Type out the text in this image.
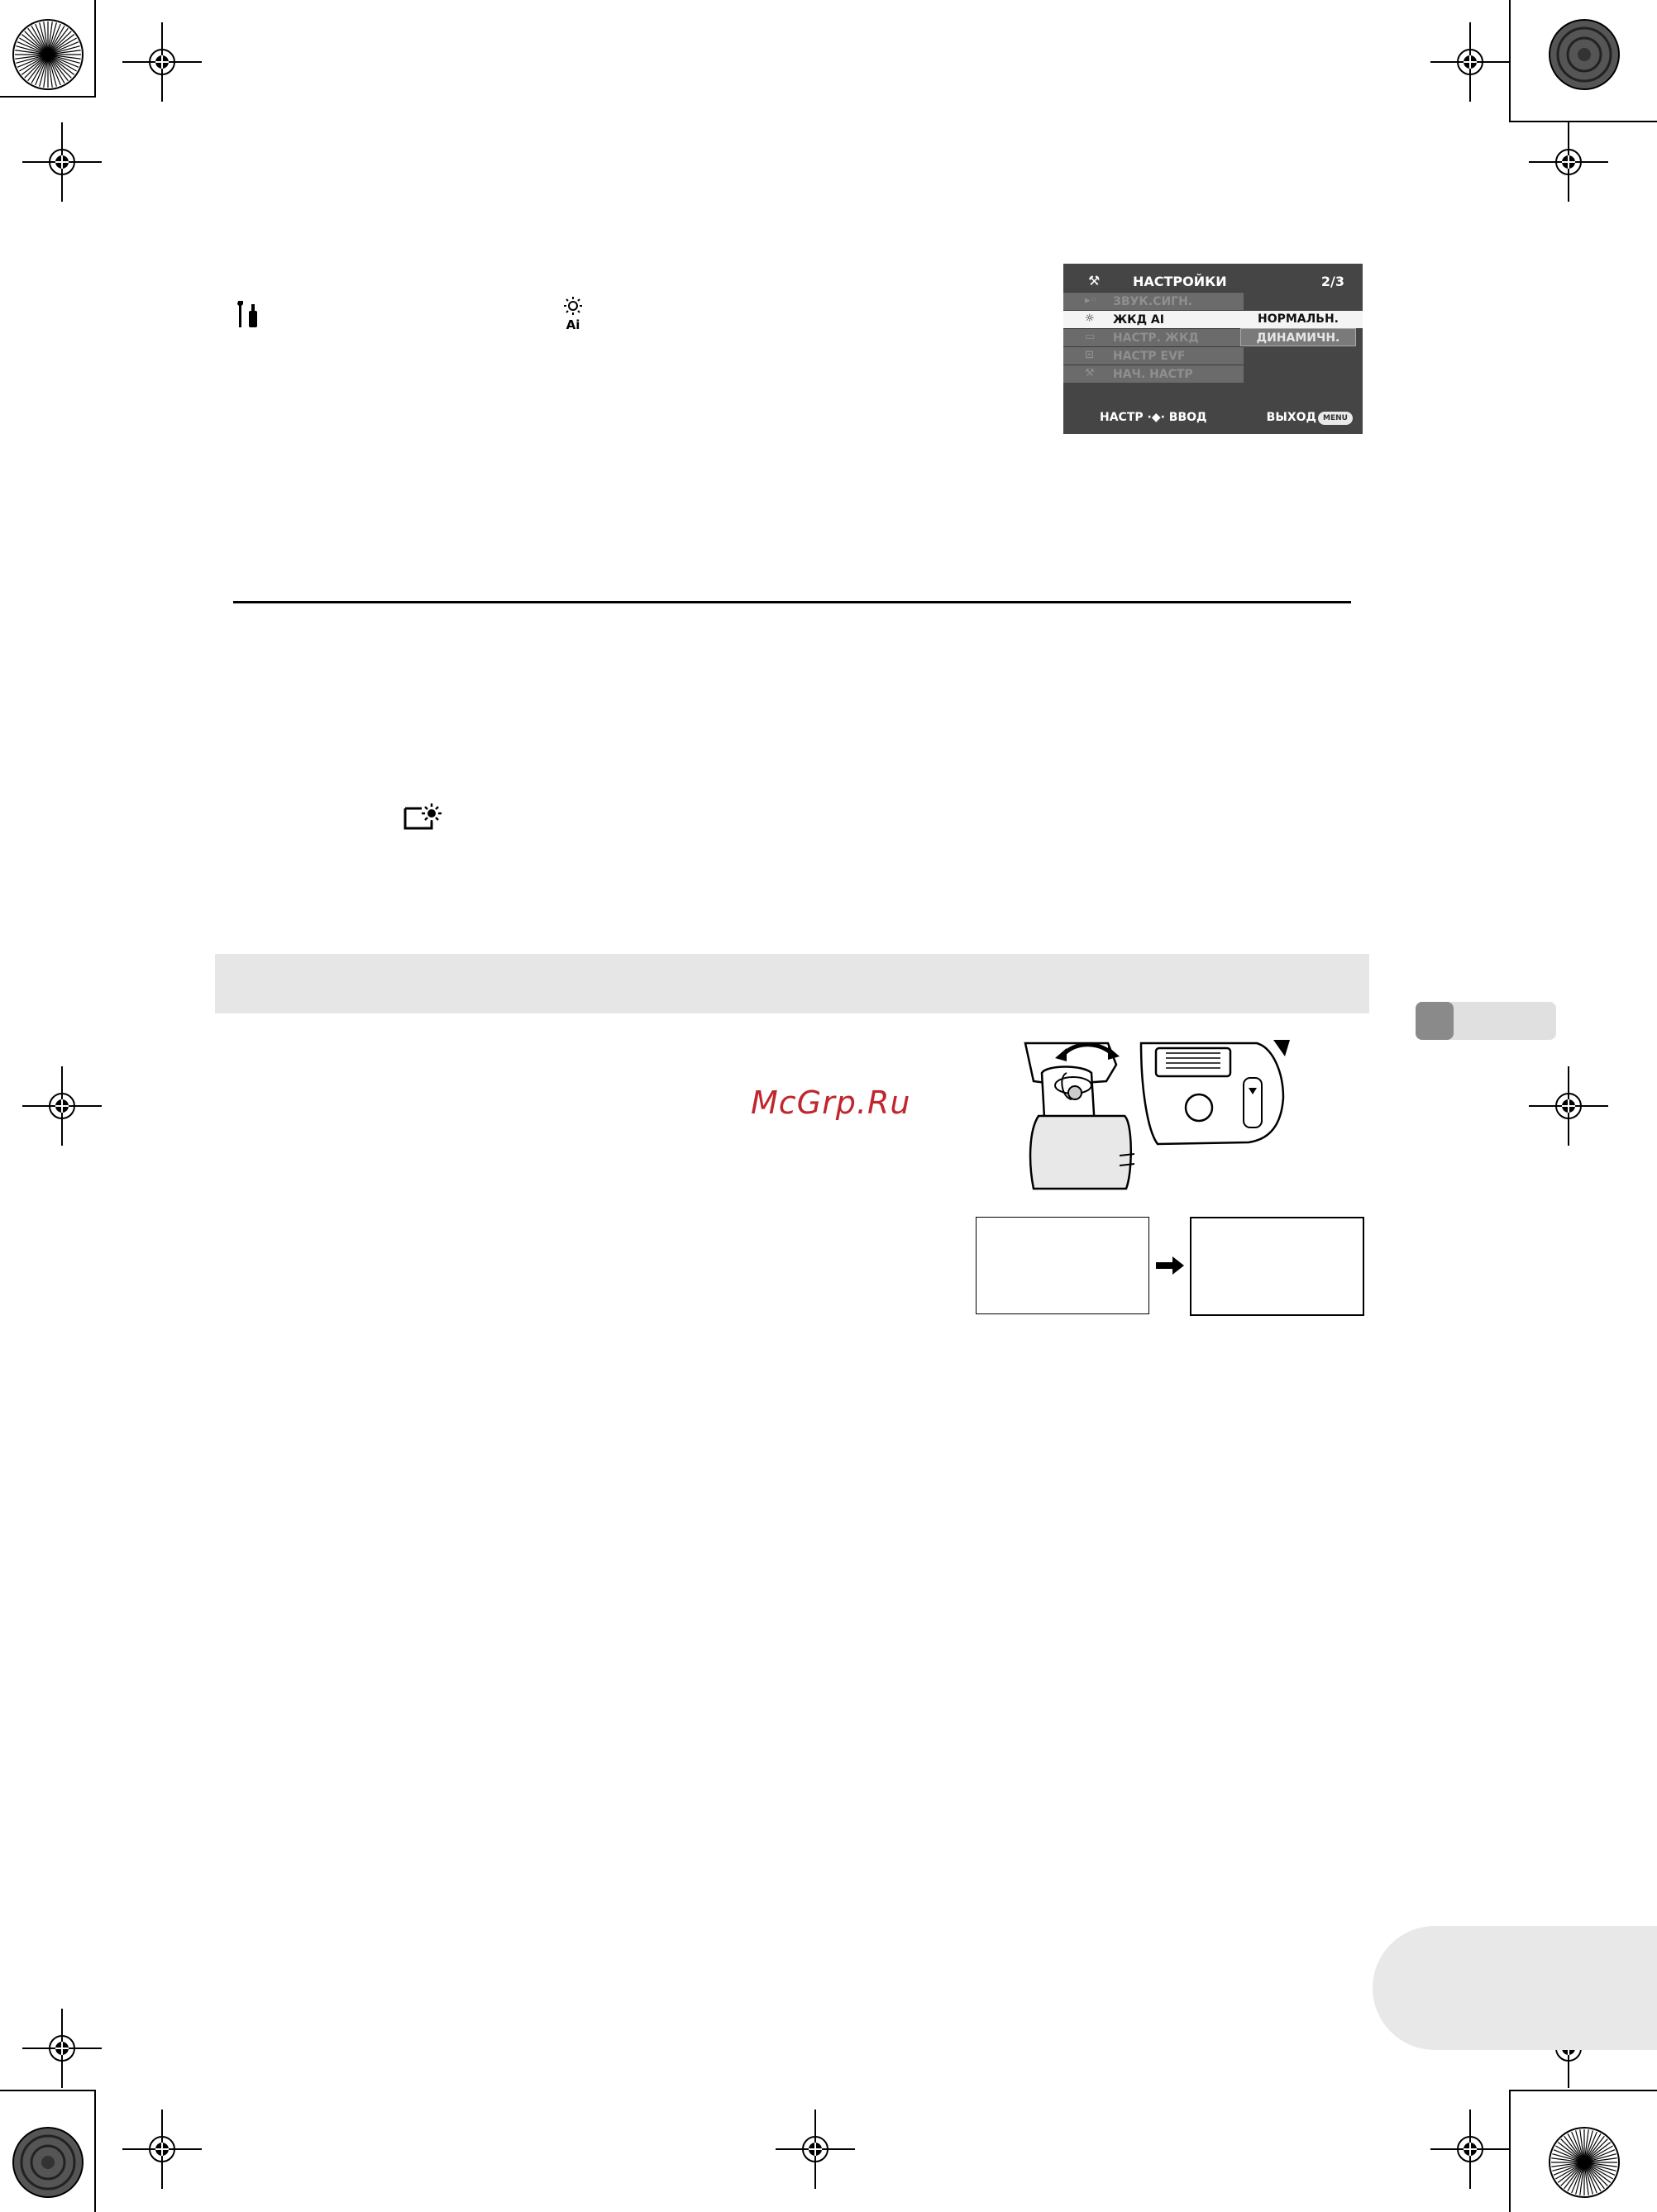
Ai
⚒ НАСТРОЙКИ	2/3
▸◦ ЗВУК.СИГН.
☼ ЖКД AI	НОРМАЛЬН.
▭ НАСТР. ЖКД	ДИНАМИЧН.
⊡ НАСТР EVF
⚒ НАЧ. НАСТР
НАСТР ·◆· ВВОД	ВЫХОД MENU
McGrp.Ru
